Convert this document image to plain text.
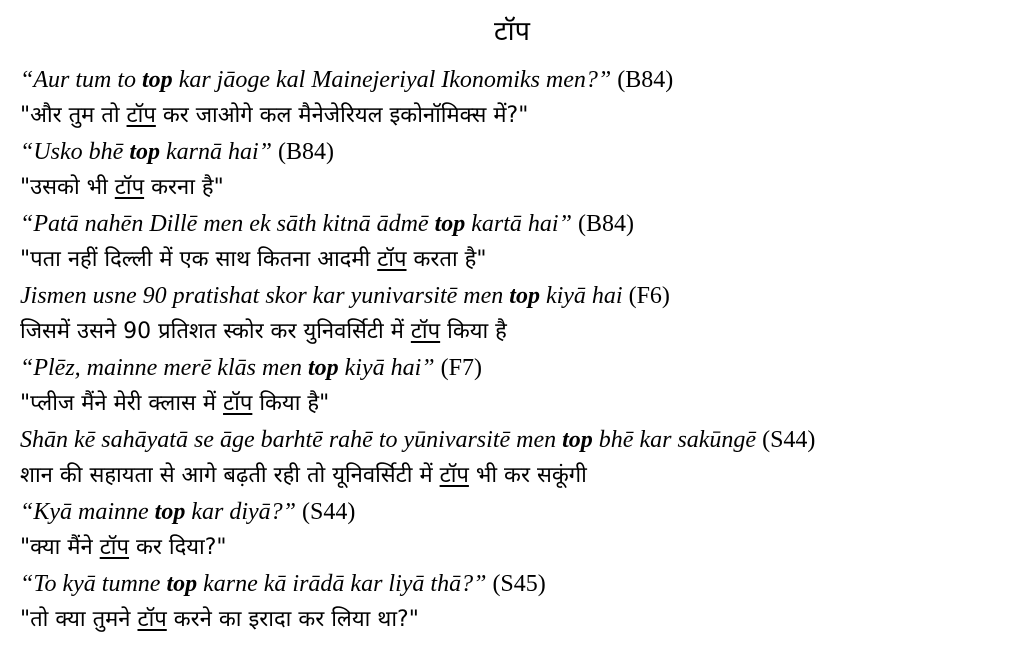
टॉप
“Aur tum to top kar jāoge kal Mainejeriyal Ikonomiks men?” (B84)
"और तुम तो टॉप कर जाओगे कल मैनेजेरियल इकोनॉमिक्स में?"
“Usko bhē top karnā hai” (B84)
"उसको भी टॉप करना है"
“Patā nahēn Dillē men ek sāth kitnā ādmē top kartā hai” (B84)
"पता नहीं दिल्ली में एक साथ कितना आदमी टॉप करता है"
Jismen usne 90 pratishat skor kar yunivarsitē men top kiyā hai (F6)
जिसमें उसने 90 प्रतिशत स्कोर कर युनिवर्सिटी में टॉप किया है
“Plēz, mainne merē klās men top kiyā hai” (F7)
"प्लीज मैंने मेरी क्लास में टॉप किया है"
Shān kē sahāyatā se āge barhtē rahē to yūnivarsitē men top bhē kar sakūngē (S44)
शान की सहायता से आगे बढ़ती रही तो यूनिवर्सिटी में टॉप भी कर सकूंगी
“Kyā mainne top kar diyā?” (S44)
"क्या मैंने टॉप कर दिया?"
“To kyā tumne top karne kā irādā kar liyā thā?” (S45)
"तो क्या तुमने टॉप करने का इरादा कर लिया था?"
